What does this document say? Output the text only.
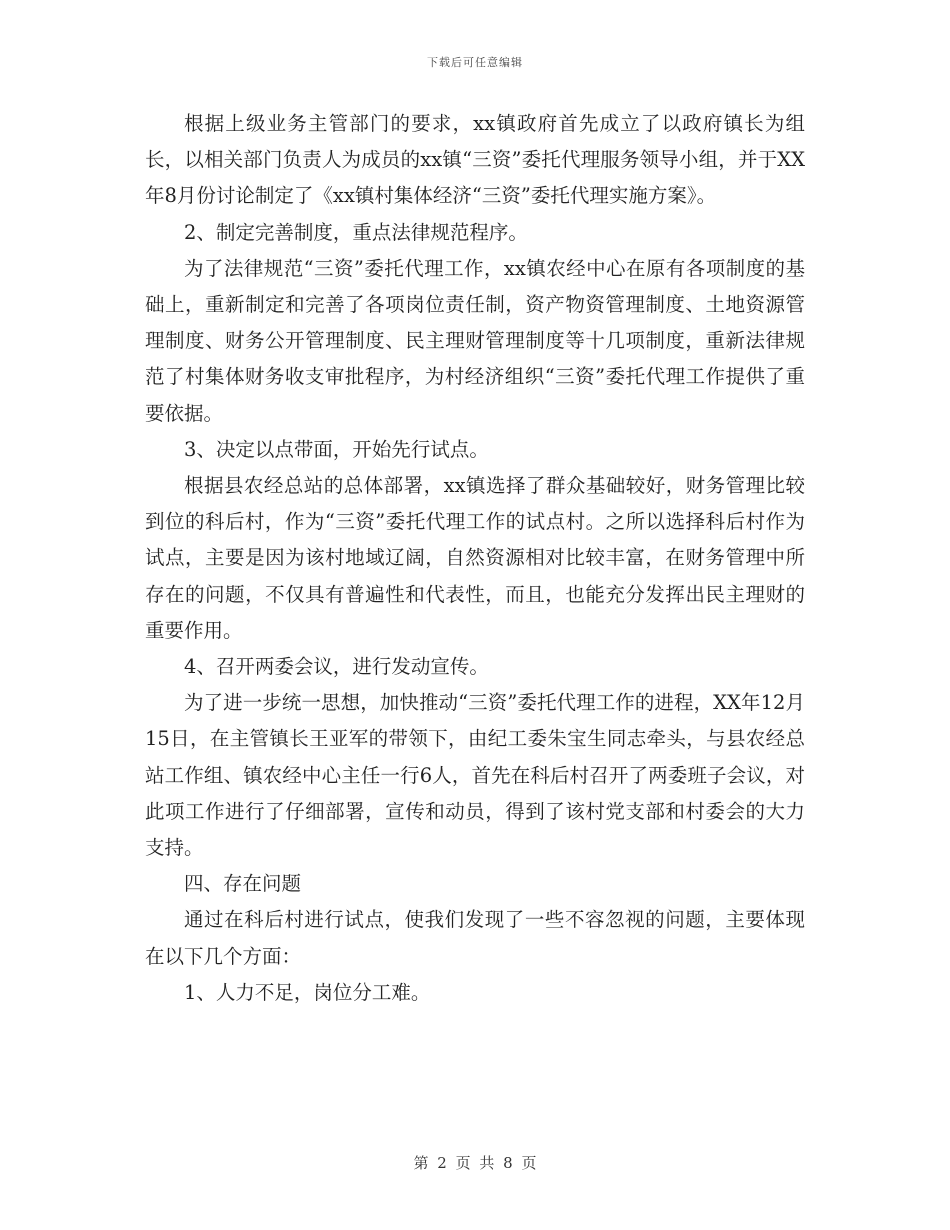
下载后可任意编辑

根据上级业务主管部门的要求，xx镇政府首先成立了以政府镇长为组长，以相关部门负责人为成员的xx镇“三资”委托代理服务领导小组，并于XX年8月份讨论制定了《xx镇村集体经济“三资”委托代理实施方案》。

2、制定完善制度，重点法律规范程序。

为了法律规范“三资”委托代理工作，xx镇农经中心在原有各项制度的基础上，重新制定和完善了各项岗位责任制，资产物资管理制度、土地资源管理制度、财务公开管理制度、民主理财管理制度等十几项制度，重新法律规范了村集体财务收支审批程序，为村经济组织“三资”委托代理工作提供了重要依据。

3、决定以点带面，开始先行试点。

根据县农经总站的总体部署，xx镇选择了群众基础较好，财务管理比较到位的科后村，作为“三资”委托代理工作的试点村。之所以选择科后村作为试点，主要是因为该村地域辽阔，自然资源相对比较丰富，在财务管理中所存在的问题，不仅具有普遍性和代表性，而且，也能充分发挥出民主理财的重要作用。

4、召开两委会议，进行发动宣传。

为了进一步统一思想，加快推动“三资”委托代理工作的进程，XX年12月15日，在主管镇长王亚军的带领下，由纪工委朱宝生同志牵头，与县农经总站工作组、镇农经中心主任一行6人，首先在科后村召开了两委班子会议，对此项工作进行了仔细部署，宣传和动员，得到了该村党支部和村委会的大力支持。

四、存在问题

通过在科后村进行试点，使我们发现了一些不容忽视的问题，主要体现在以下几个方面：

1、人力不足，岗位分工难。

第 2 页 共 8 页
